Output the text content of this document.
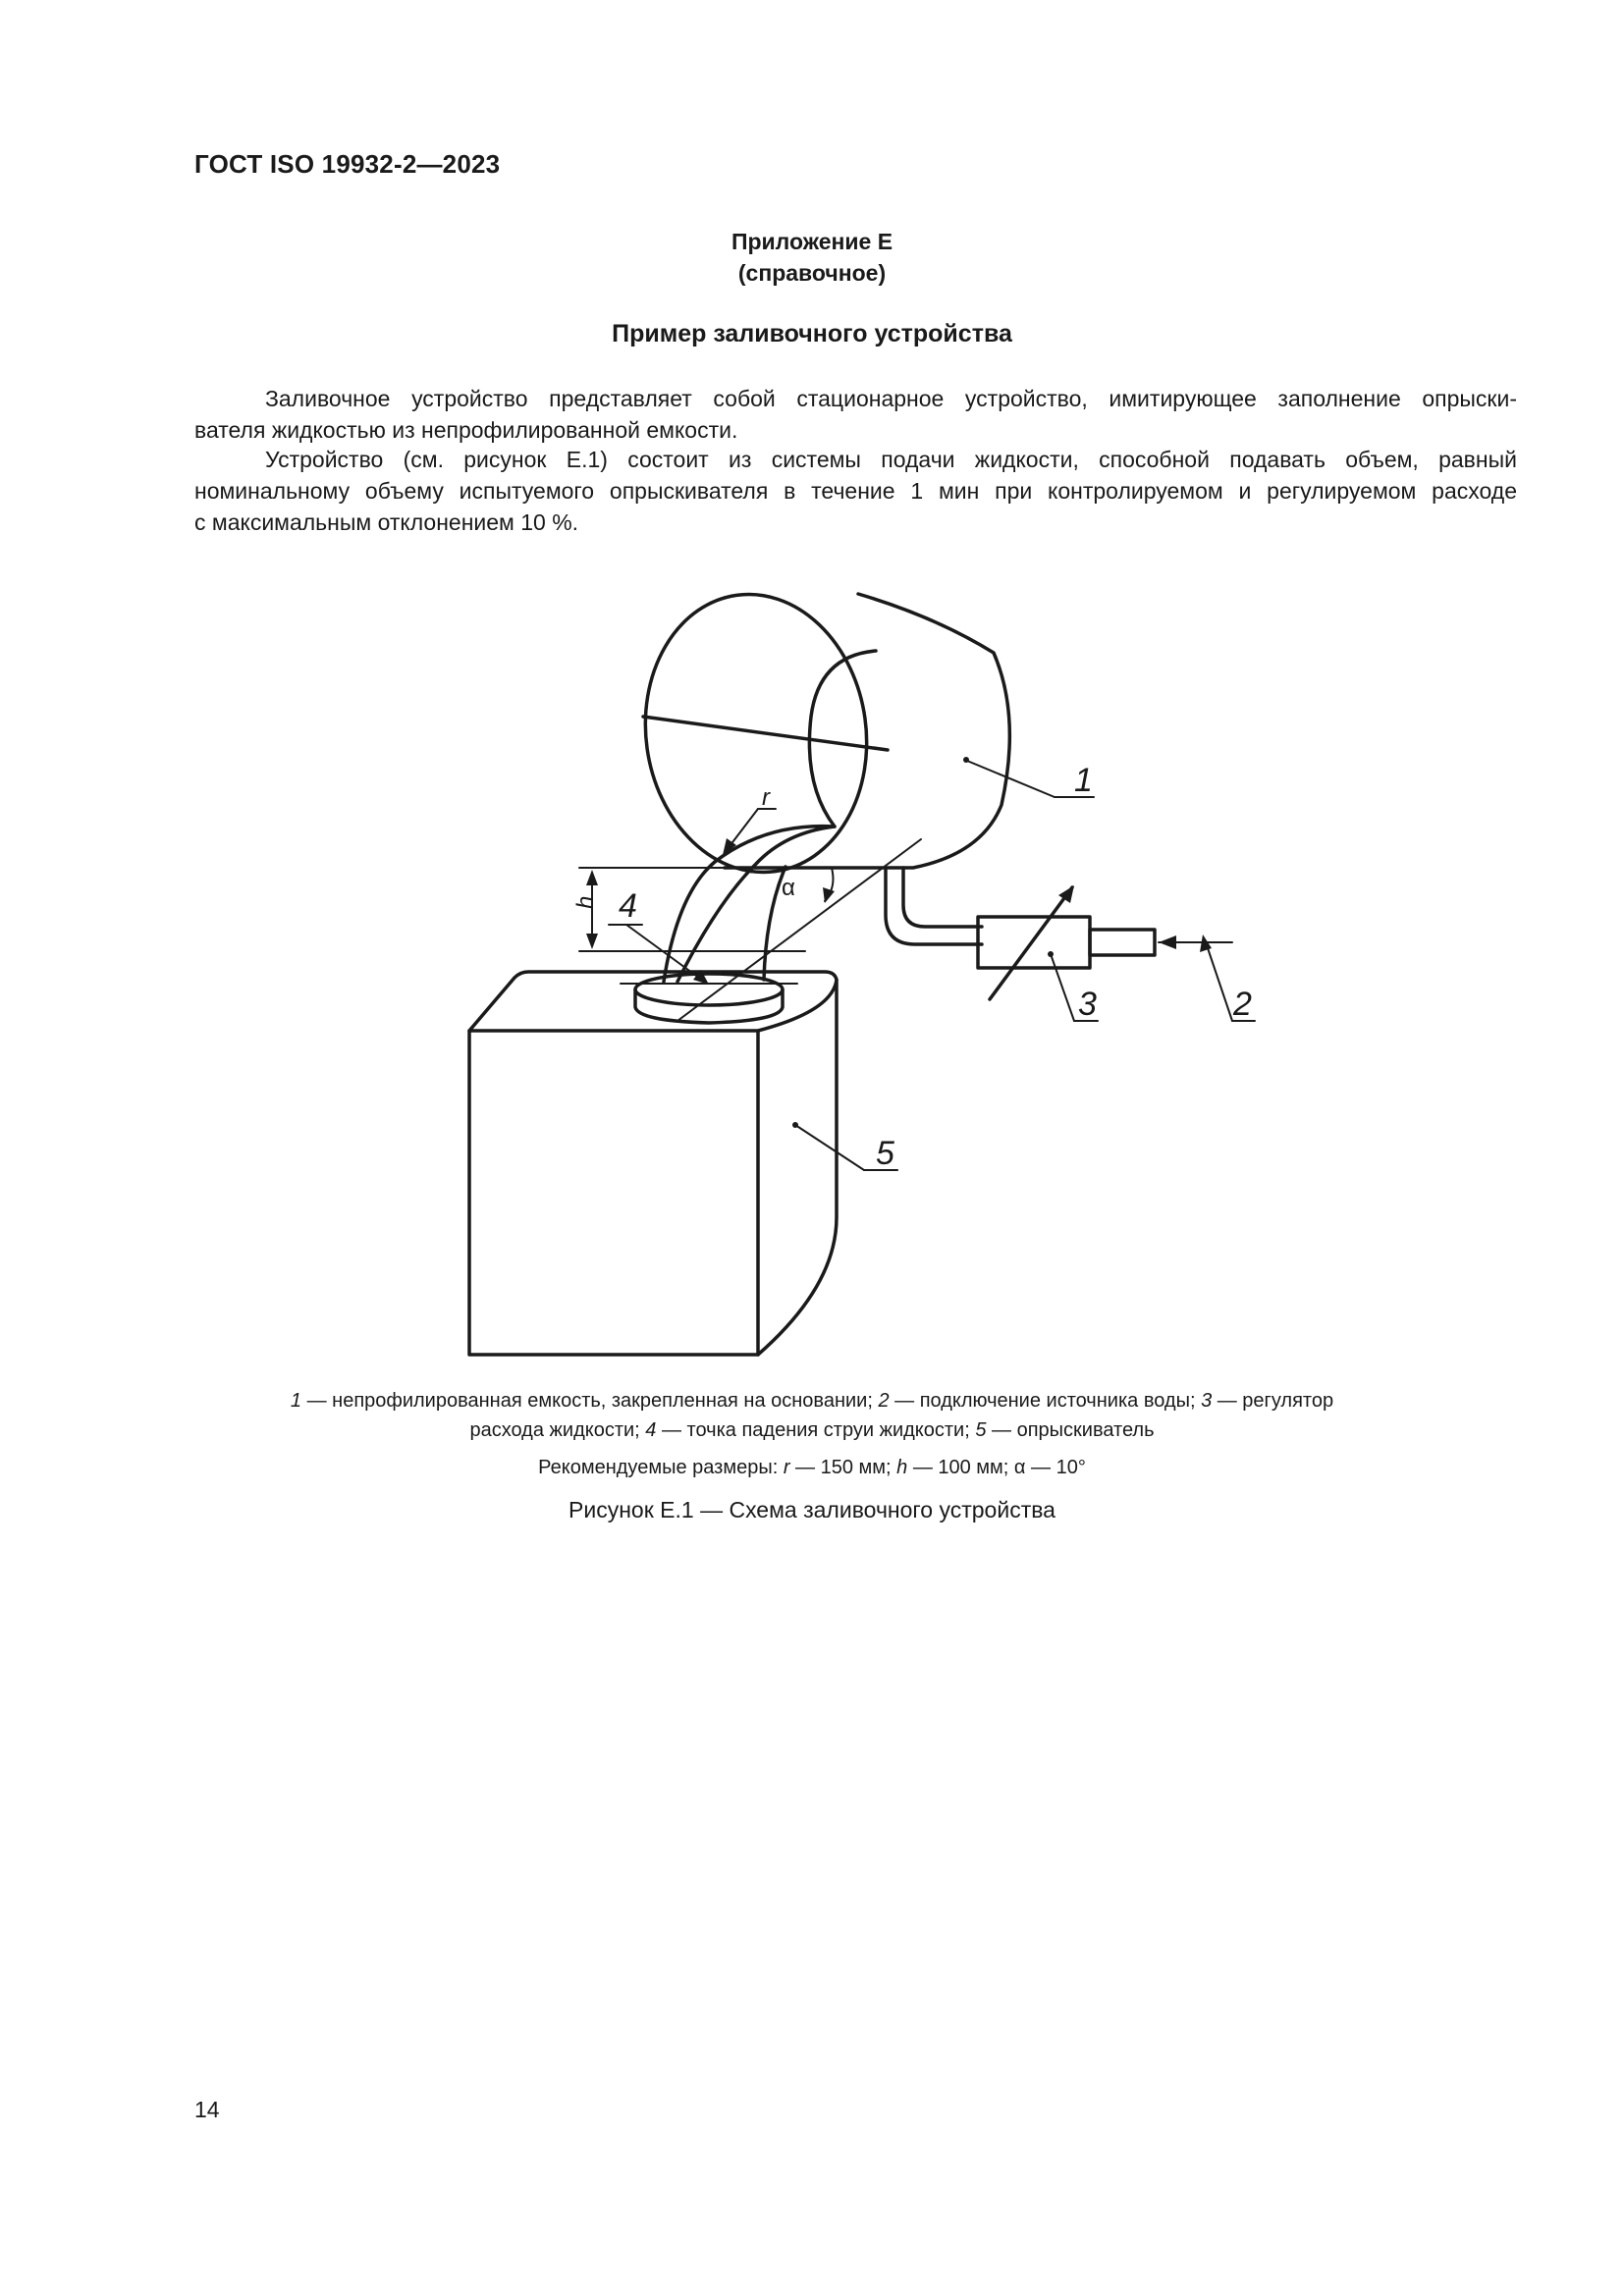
ГОСТ ISO 19932-2—2023
Приложение Е
(справочное)
Пример заливочного устройства
Заливочное устройство представляет собой стационарное устройство, имитирующее заполнение опрыски-
вателя жидкостью из непрофилированной емкости.
Устройство (см. рисунок Е.1) состоит из системы подачи жидкости, способной подавать объем, равный
номинальному объему испытуемого опрыскивателя в течение 1 мин при контролируемом и регулируемом расходе
с максимальным отклонением 10 %.
1
2
3
4
5
r
h
α
1 — непрофилированная емкость, закрепленная на основании; 2 — подключение источника воды; 3 — регулятор
расхода жидкости; 4 — точка падения струи жидкости; 5 — опрыскиватель
Рекомендуемые размеры: r — 150 мм; h — 100 мм; α — 10°
Рисунок Е.1 — Схема заливочного устройства
14
